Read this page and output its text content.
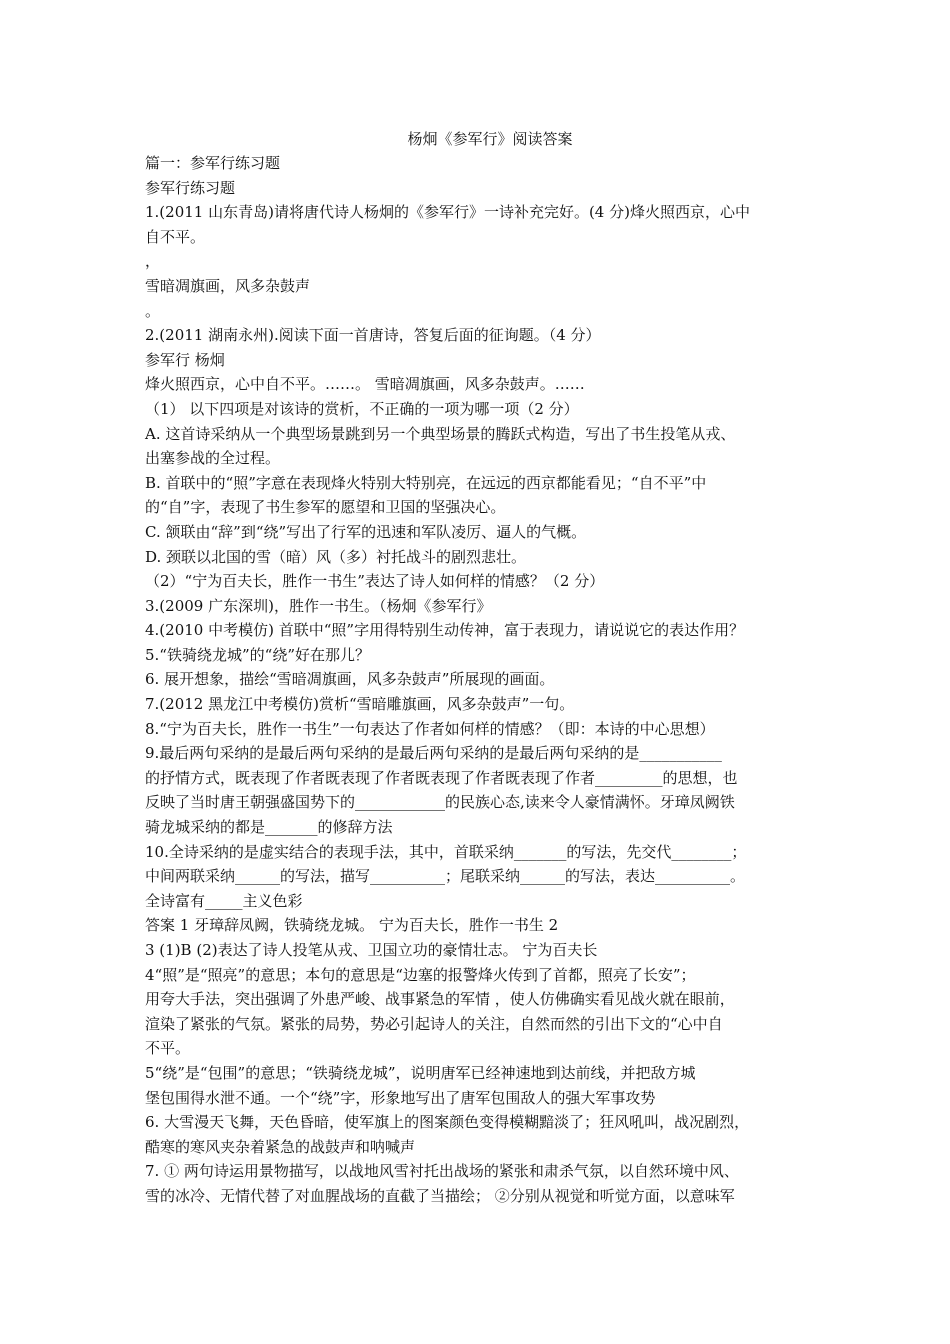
杨炯《参军行》阅读答案

篇一：参军行练习题

参军行练习题

1.(2011 山东青岛)请将唐代诗人杨炯的《参军行》一诗补充完好。(4 分)烽火照西京，心中

自不平。

，

雪暗凋旗画，风多杂鼓声

。

2.(2011 湖南永州).阅读下面一首唐诗，答复后面的征询题。（4 分）

参军行 杨炯

烽火照西京，心中自不平。……。 雪暗凋旗画，风多杂鼓声。……

（1） 以下四项是对该诗的赏析，不正确的一项为哪一项（2 分）

A. 这首诗采纳从一个典型场景跳到另一个典型场景的腾跃式构造，写出了书生投笔从戎、

出塞参战的全过程。

B. 首联中的“照”字意在表现烽火特别大特别亮，在远远的西京都能看见；“自不平”中

的“自”字，表现了书生参军的愿望和卫国的坚强决心。

C. 颔联由“辞”到“绕”写出了行军的迅速和军队凌厉、逼人的气概。

D. 颈联以北国的雪（暗）风（多）衬托战斗的剧烈悲壮。

（2）“宁为百夫长，胜作一书生”表达了诗人如何样的情感？（2 分）

3.(2009 广东深圳)，胜作一书生。（杨炯《参军行》

4.(2010 中考模仿) 首联中“照”字用得特别生动传神，富于表现力，请说说它的表达作用？

5.“铁骑绕龙城”的“绕”好在那儿？

6. 展开想象，描绘“雪暗凋旗画，风多杂鼓声”所展现的画面。

7.(2012 黑龙江中考模仿)赏析“雪暗雕旗画，风多杂鼓声”一句。

8.“宁为百夫长，胜作一书生”一句表达了作者如何样的情感？（即：本诗的中心思想）

9.最后两句采纳的是最后两句采纳的是最后两句采纳的是最后两句采纳的是___________

的抒情方式，既表现了作者既表现了作者既表现了作者既表现了作者_________的思想，也

反映了当时唐王朝强盛国势下的____________的民族心态,读来令人豪情满怀。牙璋凤阙铁

骑龙城采纳的都是_______的修辞方法

10.全诗采纳的是虚实结合的表现手法，其中，首联采纳_______的写法，先交代________；

中间两联采纳______的写法，描写__________；尾联采纳______的写法，表达__________。

全诗富有_____主义色彩

答案 1 牙璋辞凤阙，铁骑绕龙城。 宁为百夫长，胜作一书生 2

3 (1)B (2)表达了诗人投笔从戎、卫国立功的豪情壮志。 宁为百夫长

4“照”是“照亮”的意思；本句的意思是“边塞的报警烽火传到了首都，照亮了长安”；

用夸大手法，突出强调了外患严峻、战事紧急的军情 ，使人仿佛确实看见战火就在眼前，

渲染了紧张的气氛。紧张的局势，势必引起诗人的关注，自然而然的引出下文的“心中自

不平。

5“绕”是“包围”的意思；“铁骑绕龙城”，说明唐军已经神速地到达前线，并把敌方城

堡包围得水泄不通。一个“绕”字，形象地写出了唐军包围敌人的强大军事攻势

6. 大雪漫天飞舞，天色昏暗，使军旗上的图案颜色变得模糊黯淡了；狂风吼叫，战况剧烈，

酷寒的寒风夹杂着紧急的战鼓声和呐喊声

7. ① 两句诗运用景物描写，以战地风雪衬托出战场的紧张和肃杀气氛，以自然环境中风、

雪的冰冷、无情代替了对血腥战场的直截了当描绘； ②分别从视觉和听觉方面，以意味军
